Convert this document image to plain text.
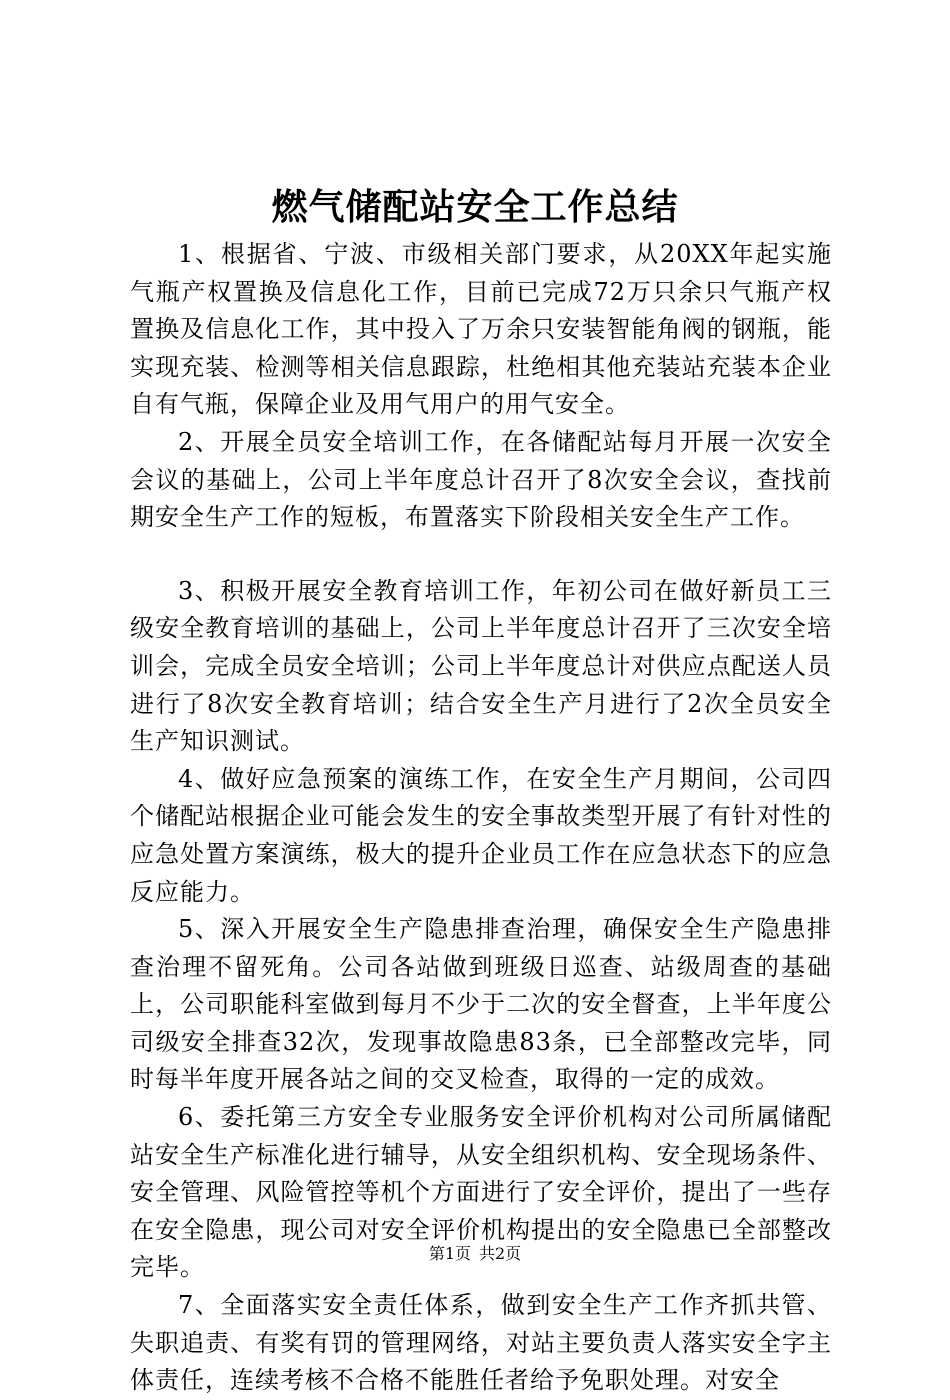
燃气储配站安全工作总结

1、根据省、宁波、市级相关部门要求，从20XX年起实施气瓶产权置换及信息化工作，目前已完成72万只余只气瓶产权置换及信息化工作，其中投入了万余只安装智能角阀的钢瓶，能实现充装、检测等相关信息跟踪，杜绝相其他充装站充装本企业自有气瓶，保障企业及用气用户的用气安全。

2、开展全员安全培训工作，在各储配站每月开展一次安全会议的基础上，公司上半年度总计召开了8次安全会议，查找前期安全生产工作的短板，布置落实下阶段相关安全生产工作。

3、积极开展安全教育培训工作，年初公司在做好新员工三级安全教育培训的基础上，公司上半年度总计召开了三次安全培训会，完成全员安全培训；公司上半年度总计对供应点配送人员进行了8次安全教育培训；结合安全生产月进行了2次全员安全生产知识测试。

4、做好应急预案的演练工作，在安全生产月期间，公司四个储配站根据企业可能会发生的安全事故类型开展了有针对性的应急处置方案演练，极大的提升企业员工作在应急状态下的应急反应能力。

5、深入开展安全生产隐患排查治理，确保安全生产隐患排查治理不留死角。公司各站做到班级日巡查、站级周查的基础上，公司职能科室做到每月不少于二次的安全督查，上半年度公司级安全排查32次，发现事故隐患83条，已全部整改完毕，同时每半年度开展各站之间的交叉检查，取得的一定的成效。

6、委托第三方安全专业服务安全评价机构对公司所属储配站安全生产标准化进行辅导，从安全组织机构、安全现场条件、安全管理、风险管控等机个方面进行了安全评价，提出了一些存在安全隐患，现公司对安全评价机构提出的安全隐患已全部整改完毕。

7、全面落实安全责任体系，做到安全生产工作齐抓共管、失职追责、有奖有罚的管理网络，对站主要负责人落实安全字主体责任，连续考核不合格不能胜任者给予免职处理。对安全

第1页 共2页
